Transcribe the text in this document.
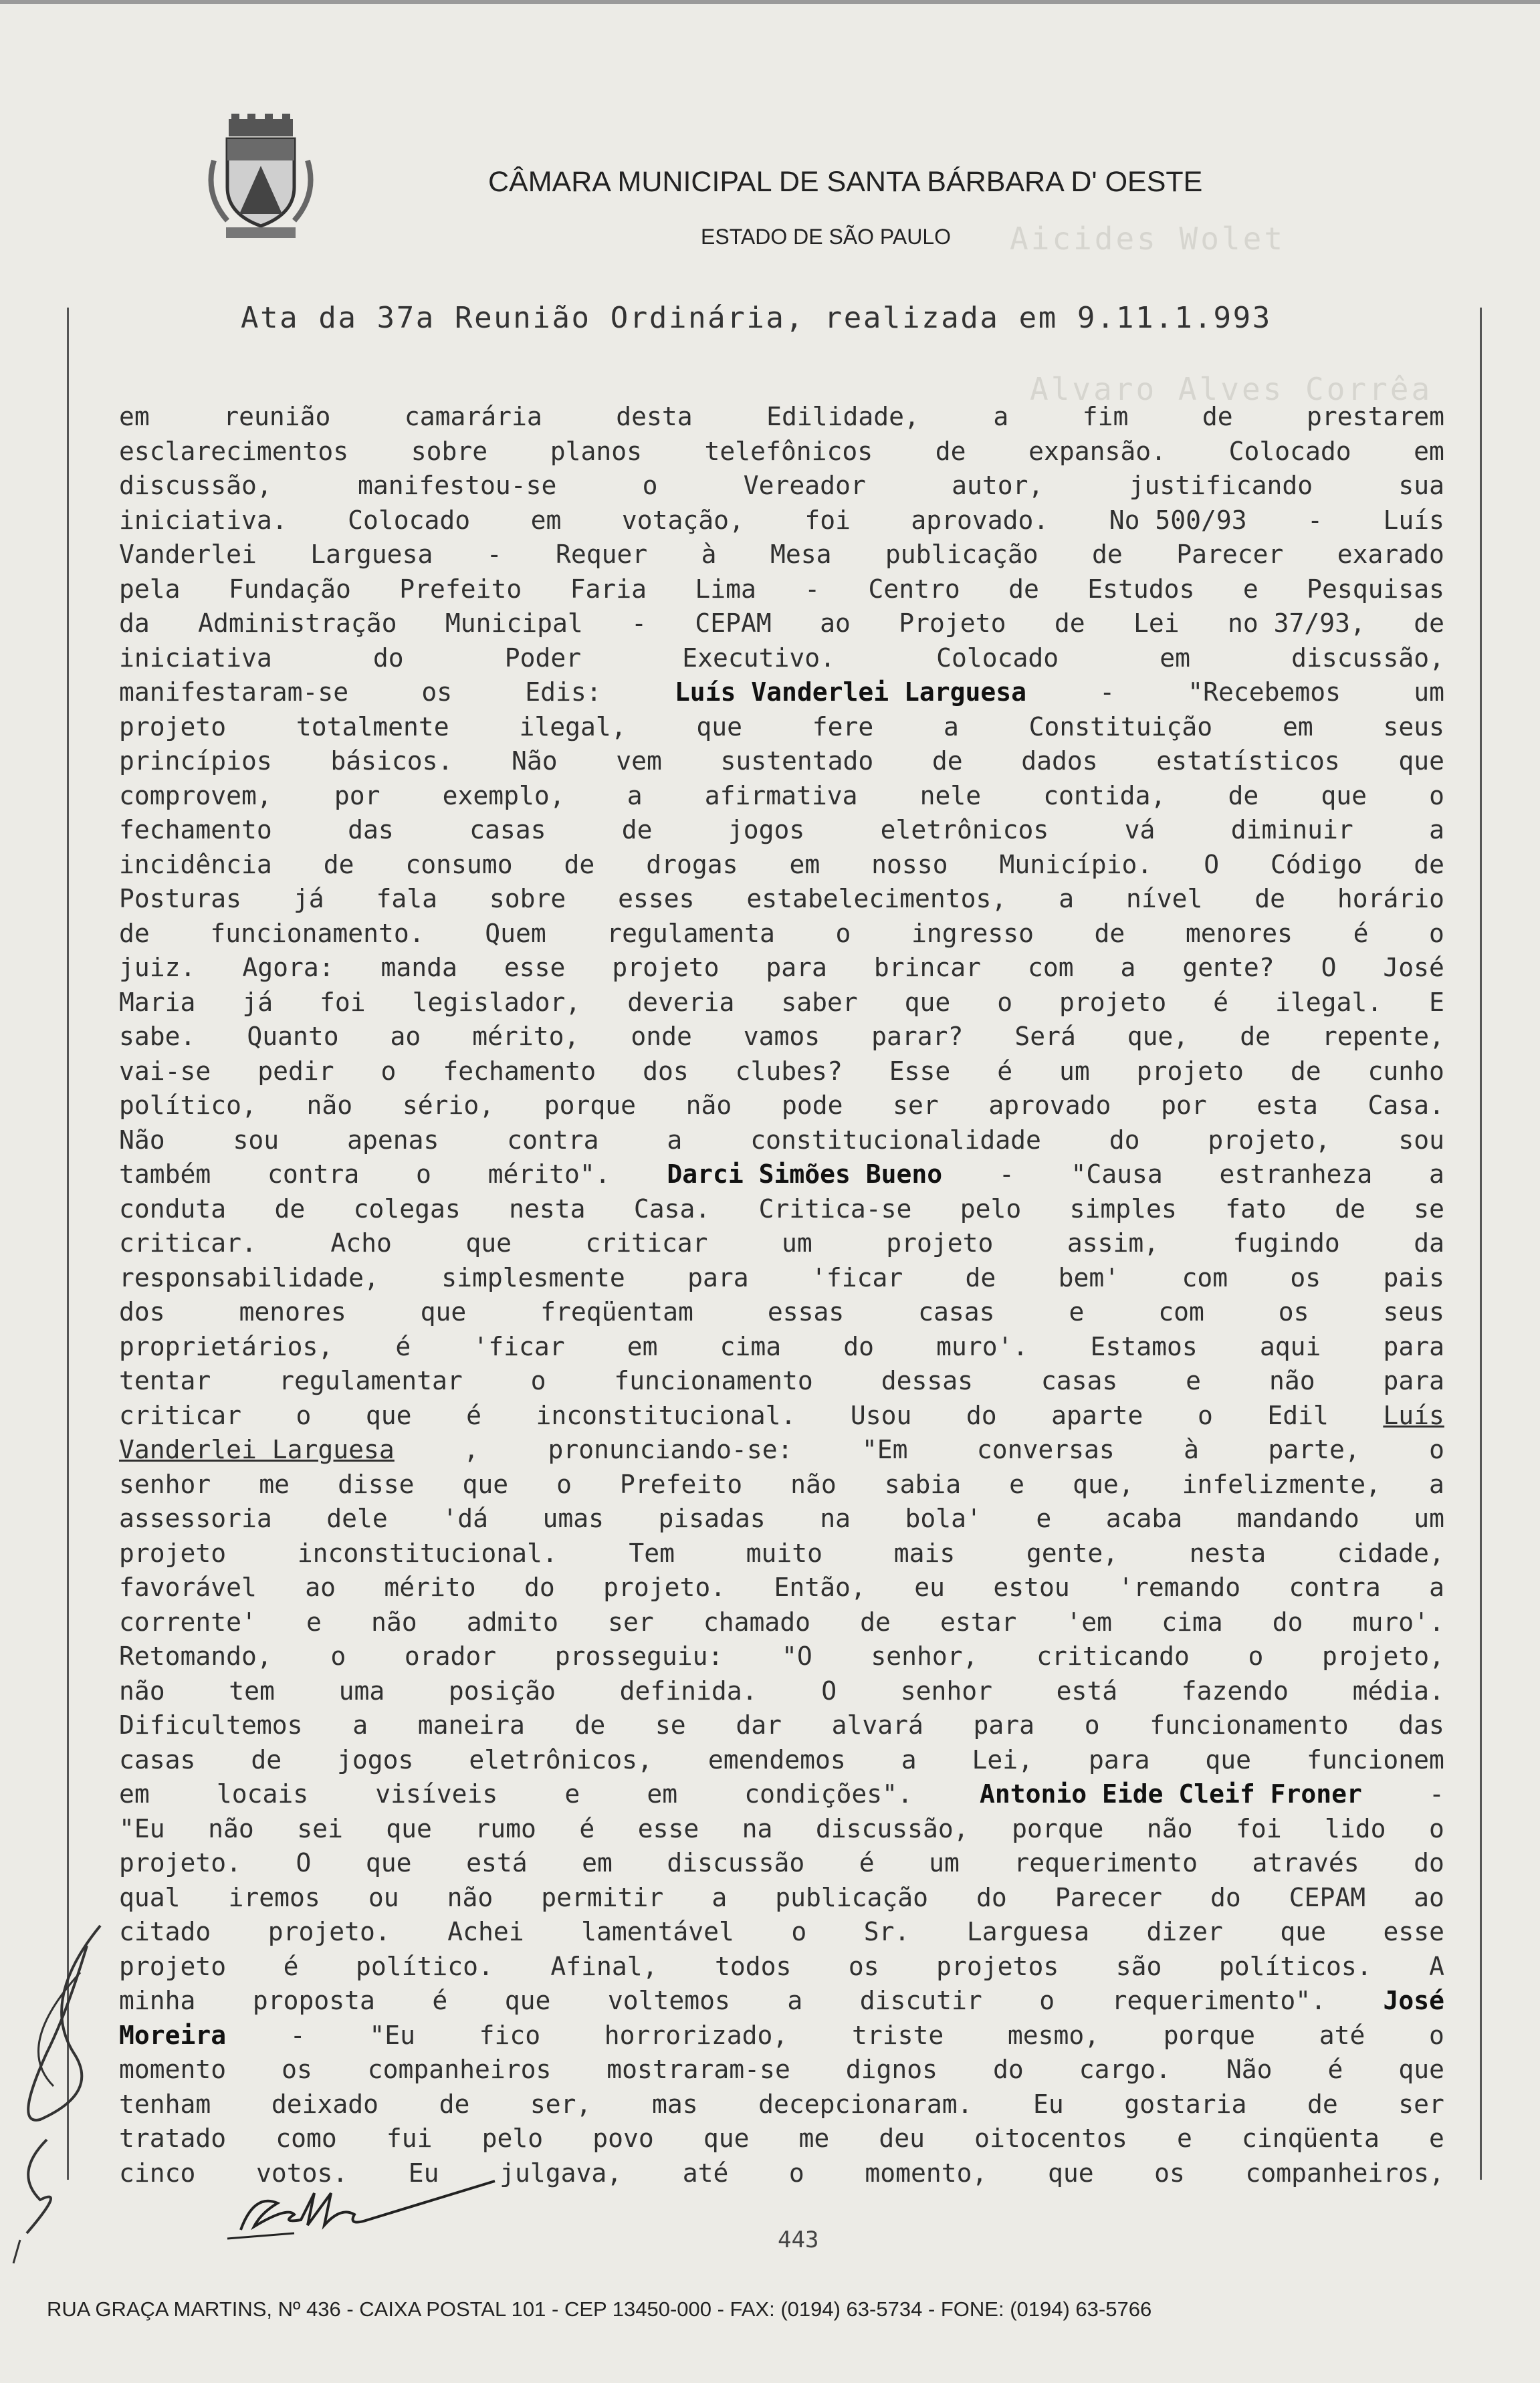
Aicides Wolet
Alvaro Alves Corrêa
CÂMARA MUNICIPAL DE SANTA BÁRBARA D' OESTE
ESTADO DE SÃO PAULO
Ata da 37a Reunião Ordinária, realizada em 9.11.1.993
em	reunião	camarária	desta	Edilidade,	a	fim	de	prestarem
esclarecimentos sobre planos telefônicos de expansão. Colocado em
discussão,	manifestou-se	o	Vereador	autor,	justificando	sua
iniciativa. Colocado em votação, foi aprovado. No 500/93 - Luís
Vanderlei Larguesa - Requer à Mesa publicação de Parecer exarado
pela Fundação Prefeito Faria Lima - Centro de Estudos e Pesquisas
da Administração Municipal - CEPAM ao Projeto de Lei no 37/93, de
iniciativa	do	Poder	Executivo.	Colocado	em	discussão,
manifestaram-se	os	Edis:	Luís Vanderlei Larguesa	-	"Recebemos	um
projeto	totalmente	ilegal,	que	fere	a	Constituição	em	seus
princípios básicos. Não vem sustentado de dados estatísticos que
comprovem, por exemplo, a afirmativa nele contida, de que o
fechamento	das	casas	de	jogos	eletrônicos	vá	diminuir	a
incidência de consumo de drogas em nosso Município. O Código de
Posturas já fala sobre esses estabelecimentos, a nível de horário
de funcionamento. Quem regulamenta o ingresso de menores é o
juiz. Agora: manda esse projeto para brincar com a gente? O José
Maria já foi legislador, deveria saber que o projeto é ilegal. E
sabe. Quanto ao mérito, onde vamos parar? Será que, de repente,
vai-se pedir o fechamento dos clubes? Esse é um projeto de cunho
político, não sério, porque não pode ser aprovado por esta Casa.
Não	sou	apenas	contra	a	constitucionalidade	do	projeto,	sou
também contra o mérito". Darci Simões Bueno - "Causa estranheza a
conduta de colegas nesta Casa. Critica-se pelo simples fato de se
criticar.	Acho	que	criticar	um	projeto	assim,	fugindo	da
responsabilidade, simplesmente para 'ficar de bem' com os pais
dos	menores	que	freqüentam	essas	casas	e	com	os	seus
proprietários, é 'ficar em cima do muro'. Estamos aqui para
tentar	regulamentar	o	funcionamento	dessas	casas	e	não	para
criticar o que é inconstitucional. Usou do aparte o Edil Luís
Vanderlei Larguesa	,	pronunciando-se:	"Em	conversas	à	parte,	o
senhor me disse que o Prefeito não sabia e que, infelizmente, a
assessoria dele 'dá umas pisadas na bola' e acaba mandando um
projeto	inconstitucional.	Tem	muito	mais	gente,	nesta	cidade,
favorável ao mérito do projeto. Então, eu estou 'remando contra a
corrente' e não admito ser chamado de estar 'em cima do muro'.
Retomando, o orador prosseguiu: "O senhor, criticando o projeto,
não	tem	uma	posição	definida.	O	senhor	está	fazendo	média.
Dificultemos a maneira de se dar alvará para o funcionamento das
casas de jogos eletrônicos, emendemos a Lei, para que funcionem
em	locais	visíveis	e	em	condições".	Antonio Eide Cleif Froner	-
"Eu não sei que rumo é esse na discussão, porque não foi lido o
projeto. O que está em discussão é um requerimento através do
qual iremos ou não permitir a publicação do Parecer do CEPAM ao
citado projeto. Achei lamentável o Sr. Larguesa dizer que esse
projeto é político. Afinal, todos os projetos são políticos. A
minha proposta é que voltemos a discutir o requerimento". José
Moreira	-	"Eu	fico	horrorizado,	triste	mesmo,	porque	até	o
momento os companheiros mostraram-se dignos do cargo. Não é que
tenham deixado de ser, mas decepcionaram. Eu gostaria de ser
tratado como fui pelo povo que me deu oitocentos e cinqüenta e
cinco votos. Eu julgava, até o momento, que os companheiros,
443
RUA GRAÇA MARTINS, Nº 436 - CAIXA POSTAL 101 - CEP 13450-000 - FAX: (0194) 63-5734 - FONE: (0194) 63-5766
